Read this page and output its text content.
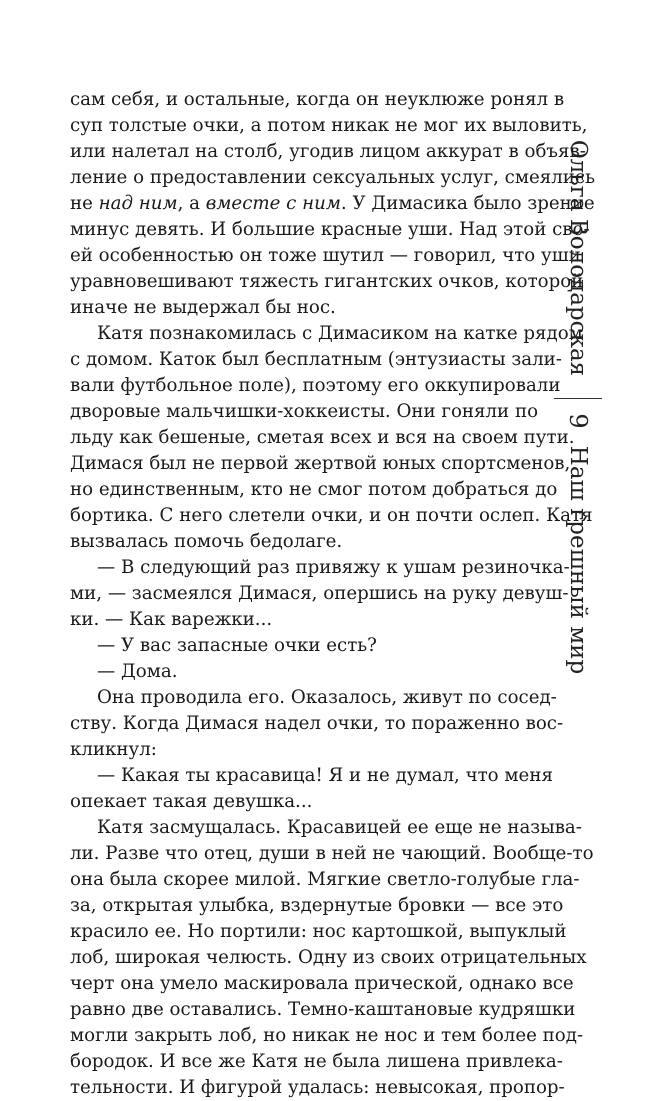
сам себя, и остальные, когда он неуклюже ронял в
суп толстые очки, а потом никак не мог их выловить,
или налетал на столб, угодив лицом аккурат в объяв-
ление о предоставлении сексуальных услуг, смеялись
не над ним, а вместе с ним. У Димасика было зрение
минус девять. И большие красные уши. Над этой сво-
ей особенностью он тоже шутил — говорил, что уши
уравновешивают тяжесть гигантских очков, которой
иначе не выдержал бы нос.
Катя познакомилась с Димасиком на катке рядом
с домом. Каток был бесплатным (энтузиасты зали-
вали футбольное поле), поэтому его оккупировали
дворовые мальчишки-хоккеисты. Они гоняли по
льду как бешеные, сметая всех и вся на своем пути.
Димася был не первой жертвой юных спортсменов,
но единственным, кто не смог потом добраться до
бортика. С него слетели очки, и он почти ослеп. Катя
вызвалась помочь бедолаге.
— В следующий раз привяжу к ушам резиночка-
ми, — засмеялся Димася, опершись на руку девуш-
ки. — Как варежки...
— У вас запасные очки есть?
— Дома.
Она проводила его. Оказалось, живут по сосед-
ству. Когда Димася надел очки, то пораженно вос-
кликнул:
— Какая ты красавица! Я и не думал, что меня
опекает такая девушка...
Катя засмущалась. Красавицей ее еще не называ-
ли. Разве что отец, души в ней не чающий. Вообще-то
она была скорее милой. Мягкие светло-голубые гла-
за, открытая улыбка, вздернутые бровки — все это
красило ее. Но портили: нос картошкой, выпуклый
лоб, широкая челюсть. Одну из своих отрицательных
черт она умело маскировала прической, однако все
равно две оставались. Темно-каштановые кудряшки
могли закрыть лоб, но никак не нос и тем более под-
бородок. И все же Катя не была лишена привлека-
тельности. И фигурой удалась: невысокая, пропор-
Ольга Володарская
9
Наш грешный мир
